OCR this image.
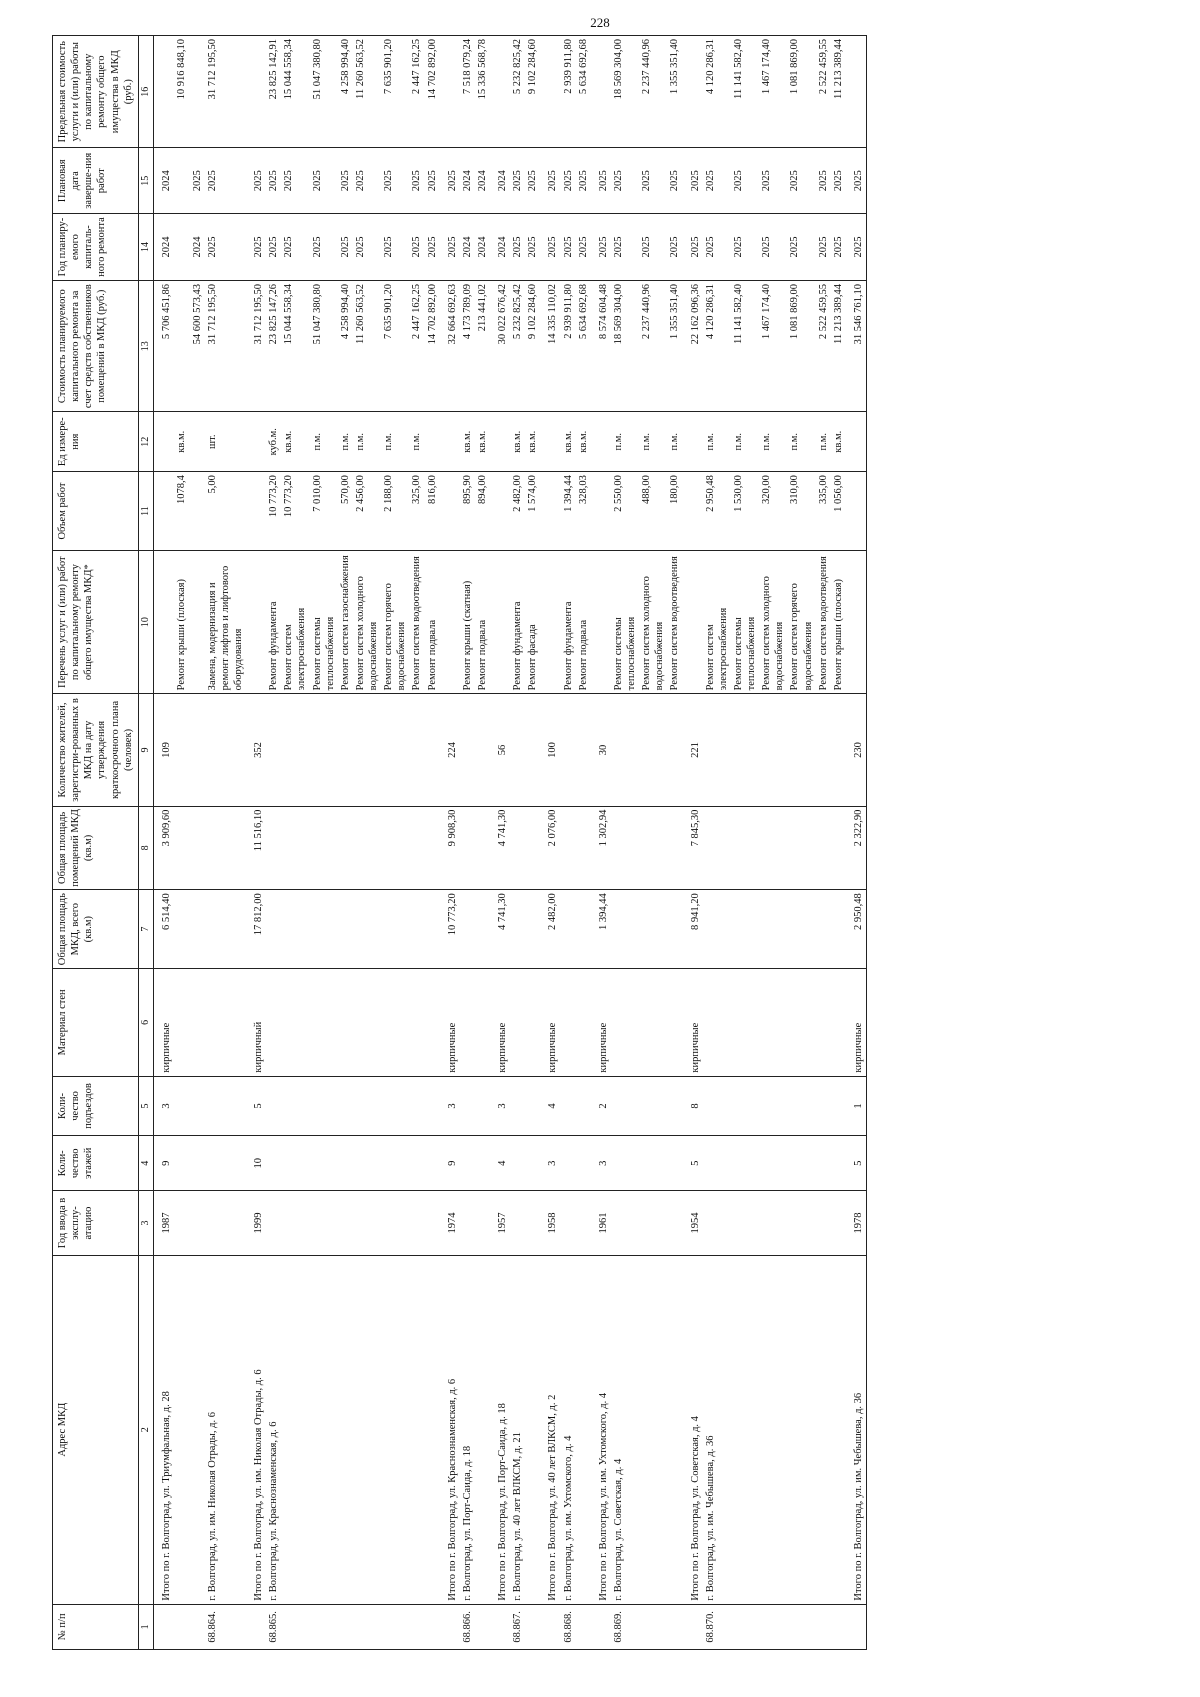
228
№ п/п	Адрес МКД	Год ввода в эксплу-атацию	Коли-чество этажей	Коли-чество подъездов	Материал стен	Общая площадь МКД, всего (кв.м)	Общая площадь помещений МКД (кв.м)	Количество жителей, зарегистри-рованных в МКД на дату утверждения краткосрочного плана (человек)	Перечень услуг и (или) работ по капитальному ремонту общего имущества МКД*	Объем работ	Ед измере-ния	Стоимость планируемого капитального ремонта за счет средств собственников помещений в МКД (руб.)	Год планиру-емого капиталь-ного ремонта	Плановая дата заверше-ния работ	Предельная стоимость услуги и (или) работы по капитальному ремонту общего имущества в МКД (руб.)
1	2	3	4	5	6	7	8	9	10	11	12	13	14	15	16
	Итого по г. Волгоград, ул. Триумфальная, д. 28	1987	9	3	кирпичные	6 514,40	3 909,60	109				5 706 451,86	2024	2024	
									Ремонт крыши (плоская)	1078,4	кв.м.				10 916 848,10
												54 600 573,43	2024	2025	
68.864.	г. Волгоград, ул. им. Николая Отрады, д. 6								Замена, модернизация и ремонт лифтов и лифтового оборудования	5,00	шт.	31 712 195,50	2025	2025	31 712 195,50
	Итого по г. Волгоград, ул. им. Николая Отрады, д. 6	1999	10	5	кирпичный	17 812,00	11 516,10	352				31 712 195,50	2025	2025	
68.865.	г. Волгоград, ул. Краснознаменская, д. 6								Ремонт фундамента	10 773,20	куб.м.	23 825 147,26	2025	2025	23 825 142,91
									Ремонт систем электроснабжения	10 773,20	кв.м.	15 044 558,34	2025	2025	15 044 558,34
									Ремонт системы теплоснабжения	7 010,00	п.м.	51 047 380,80	2025	2025	51 047 380,80
									Ремонт систем газоснабжения	570,00	п.м.	4 258 994,40	2025	2025	4 258 994,40
									Ремонт систем холодного водоснабжения	2 456,00	п.м.	11 260 563,52	2025	2025	11 260 563,52
									Ремонт систем горячего водоснабжения	2 188,00	п.м.	7 635 901,20	2025	2025	7 635 901,20
									Ремонт систем водоотведения	325,00	п.м.	2 447 162,25	2025	2025	2 447 162,25
									Ремонт подвала	816,00		14 702 892,00	2025	2025	14 702 892,00
	Итого по г. Волгоград, ул. Краснознаменская, д. 6	1974	9	3	кирпичные	10 773,20	9 908,30	224				32 664 692,63	2025	2025	
68.866.	г. Волгоград, ул. Порт-Саида, д. 18								Ремонт крыши (скатная)	895,90	кв.м.	4 173 789,09	2024	2024	7 518 079,24
									Ремонт подвала	894,00	кв.м.	213 441,02	2024	2024	15 336 568,78
	Итого по г. Волгоград, ул. Порт-Саида, д. 18	1957	4	3	кирпичные	4 741,30	4 741,30	56				30 022 676,42	2024	2024	
68.867.	г. Волгоград, ул. 40 лет ВЛКСМ, д. 21								Ремонт фундамента	2 482,00	кв.м.	5 232 825,42	2025	2025	5 232 825,42
									Ремонт фасада	1 574,00	кв.м.	9 102 284,60	2025	2025	9 102 284,60
	Итого по г. Волгоград, ул. 40 лет ВЛКСМ, д. 2	1958	3	4	кирпичные	2 482,00	2 076,00	100				14 335 110,02	2025	2025	
68.868.	г. Волгоград, ул. им. Ухтомского, д. 4								Ремонт фундамента	1 394,44	кв.м.	2 939 911,80	2025	2025	2 939 911,80
									Ремонт подвала	328,03	кв.м.	5 634 692,68	2025	2025	5 634 692,68
	Итого по г. Волгоград, ул. им. Ухтомского, д. 4	1961	3	2	кирпичные	1 394,44	1 302,94	30				8 574 604,48	2025	2025	
68.869.	г. Волгоград, ул. Советская, д. 4								Ремонт системы теплоснабжения	2 550,00	п.м.	18 569 304,00	2025	2025	18 569 304,00
									Ремонт систем холодного водоснабжения	488,00	п.м.	2 237 440,96	2025	2025	2 237 440,96
									Ремонт систем водоотведения	180,00	п.м.	1 355 351,40	2025	2025	1 355 351,40
	Итого по г. Волгоград, ул. Советская, д. 4	1954	5	8	кирпичные	8 941,20	7 845,30	221				22 162 096,36	2025	2025	
68.870.	г. Волгоград, ул. им. Чебышева, д. 36								Ремонт систем электроснабжения	2 950,48	п.м.	4 120 286,31	2025	2025	4 120 286,31
									Ремонт системы теплоснабжения	1 530,00	п.м.	11 141 582,40	2025	2025	11 141 582,40
									Ремонт систем холодного водоснабжения	320,00	п.м.	1 467 174,40	2025	2025	1 467 174,40
									Ремонт систем горячего водоснабжения	310,00	п.м.	1 081 869,00	2025	2025	1 081 869,00
									Ремонт систем водоотведения	335,00	п.м.	2 522 459,55	2025	2025	2 522 459,55
									Ремонт крыши (плоская)	1 056,00	кв.м.	11 213 389,44	2025	2025	11 213 389,44
	Итого по г. Волгоград, ул. им. Чебышева, д. 36	1978	5	1	кирпичные	2 950,48	2 322,90	230				31 546 761,10	2025	2025	
